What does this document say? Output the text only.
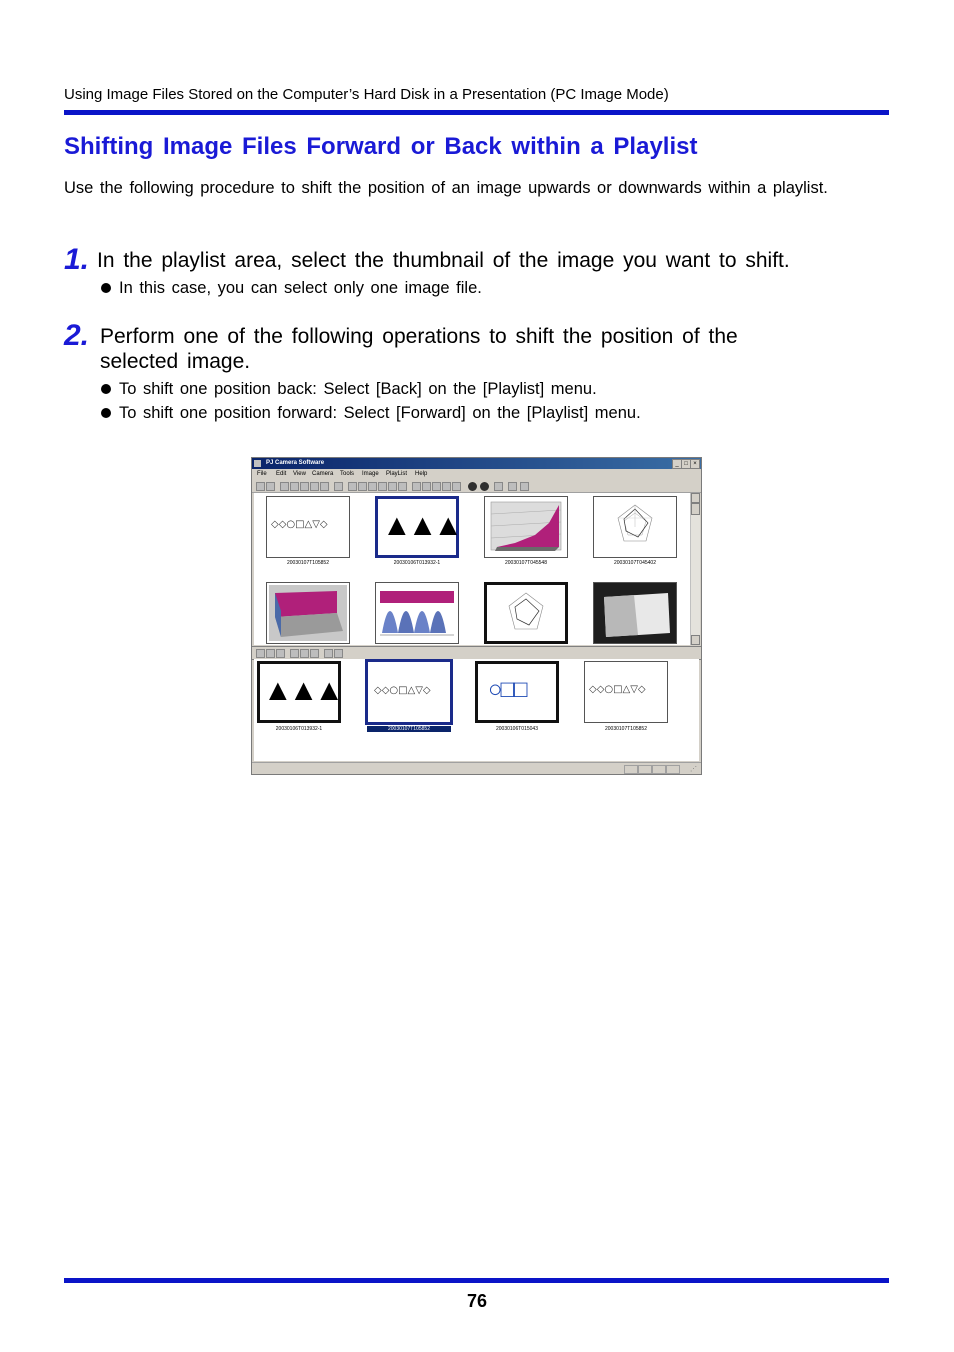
Using Image Files Stored on the Computer’s Hard Disk in a Presentation (PC Image Mode)
Shifting Image Files Forward or Back within a Playlist
Use the following procedure to shift the position of an image upwards or downwards within a playlist.
1. In the playlist area, select the thumbnail of the image you want to shift.
In this case, you can select only one image file.
2. Perform one of the following operations to shift the position of the selected image.
To shift one position back: Select [Back] on the [Playlist] menu.
To shift one position forward: Select [Forward] on the [Playlist] menu.
PJ Camera Software	_ □ ×
File Edit View Camera Tools Image PlayList Help
◇◇○□△▽◇
20030107T105852
▲▲▲
20030106T013932-1	20030107T045548	20030107T045402
▲▲▲
20030106T013932-1
◇◇○□△▽◇
20030107T105852
○□□
20030106T015043
◇◇○□△▽◇
20030107T105852
⋰
76
